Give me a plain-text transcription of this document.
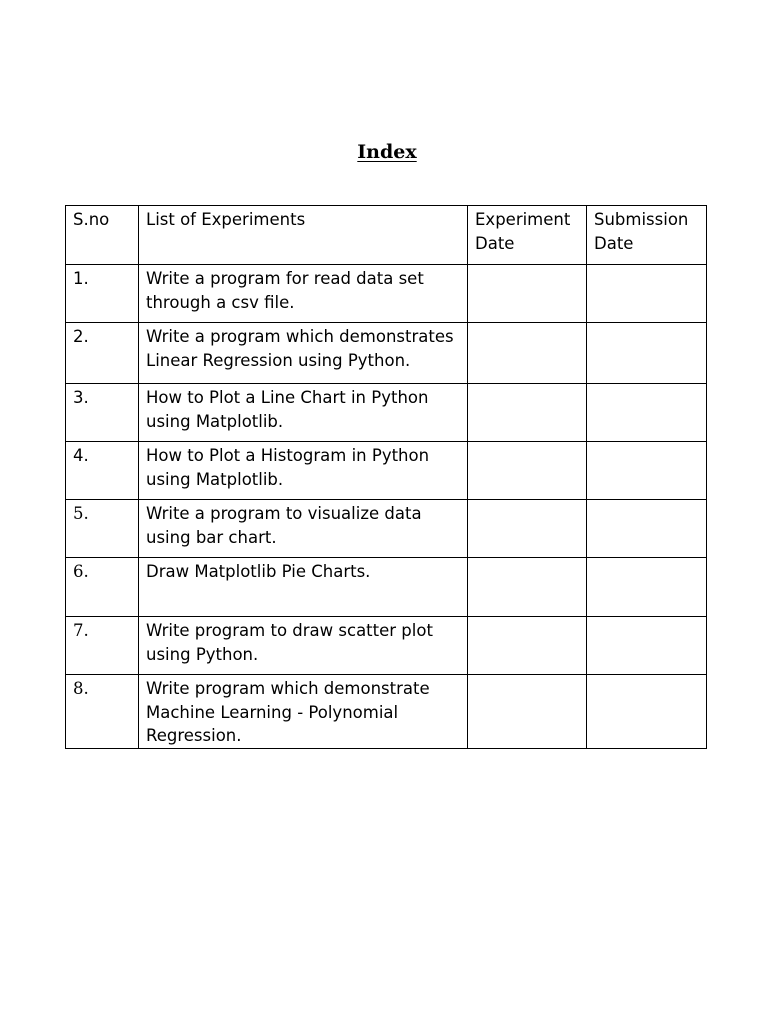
Index
S.no	List of Experiments	Experiment Date	Submission Date
1.	Write a program for read data set through a csv file.		
2.	Write a program which demonstrates Linear Regression using Python.		
3.	How to Plot a Line Chart in Python using Matplotlib.		
4.	How to Plot a Histogram in Python using Matplotlib.		
5.	Write a program to visualize data using bar chart.		
6.	Draw Matplotlib Pie Charts.		
7.	Write program to draw scatter plot using Python.		
8.	Write program which demonstrate Machine Learning - Polynomial Regression.		
